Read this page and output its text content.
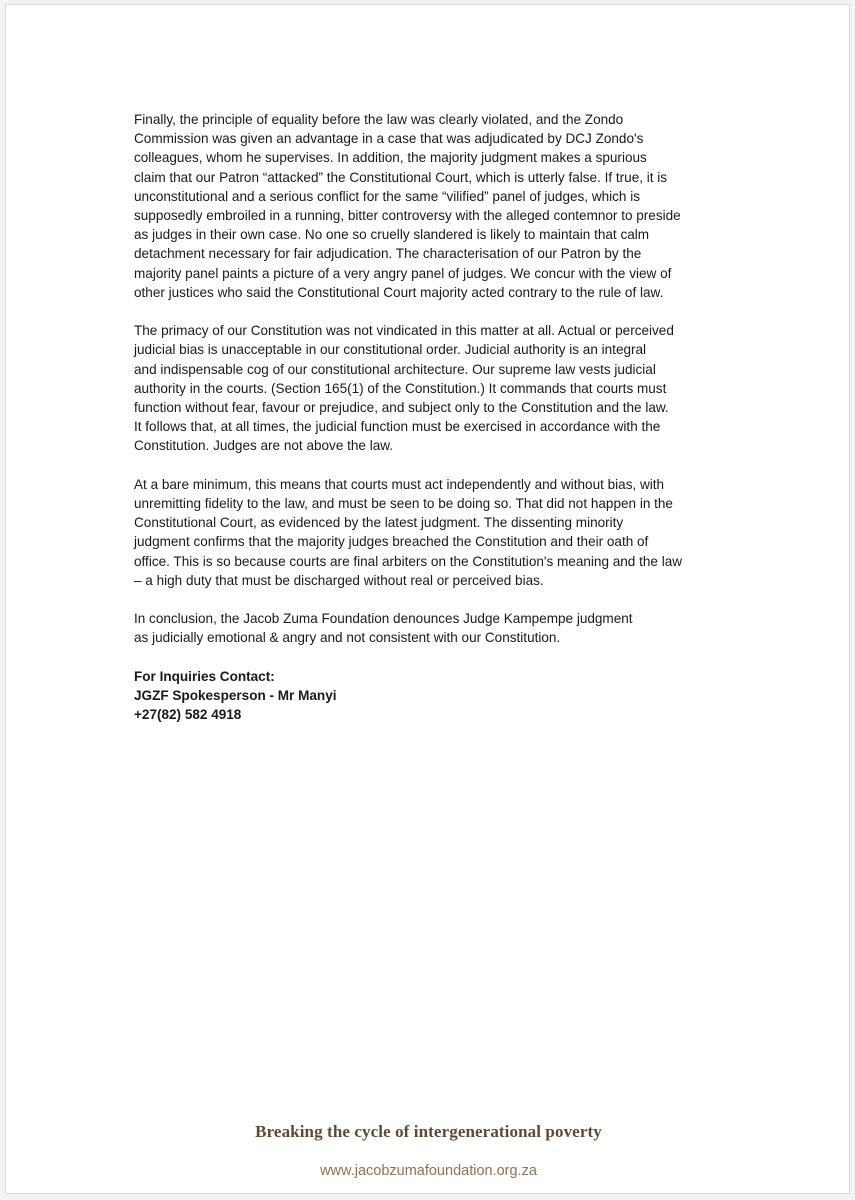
Finally, the principle of equality before the law was clearly violated, and the Zondo
Commission was given an advantage in a case that was adjudicated by DCJ Zondo's
colleagues, whom he supervises. In addition, the majority judgment makes a spurious
claim that our Patron “attacked” the Constitutional Court, which is utterly false. If true, it is
unconstitutional and a serious conflict for the same “vilified” panel of judges, which is
supposedly embroiled in a running, bitter controversy with the alleged contemnor to preside
as judges in their own case. No one so cruelly slandered is likely to maintain that calm
detachment necessary for fair adjudication. The characterisation of our Patron by the
majority panel paints a picture of a very angry panel of judges. We concur with the view of
other justices who said the Constitutional Court majority acted contrary to the rule of law.

The primacy of our Constitution was not vindicated in this matter at all. Actual or perceived
judicial bias is unacceptable in our constitutional order. Judicial authority is an integral
and indispensable cog of our constitutional architecture. Our supreme law vests judicial
authority in the courts. (Section 165(1) of the Constitution.) It commands that courts must
function without fear, favour or prejudice, and subject only to the Constitution and the law.
It follows that, at all times, the judicial function must be exercised in accordance with the
Constitution. Judges are not above the law.

At a bare minimum, this means that courts must act independently and without bias, with
unremitting fidelity to the law, and must be seen to be doing so. That did not happen in the
Constitutional Court, as evidenced by the latest judgment. The dissenting minority
judgment confirms that the majority judges breached the Constitution and their oath of
office. This is so because courts are final arbiters on the Constitution's meaning and the law
– a high duty that must be discharged without real or perceived bias.

In conclusion, the Jacob Zuma Foundation denounces Judge Kampempe judgment
as judicially emotional & angry and not consistent with our Constitution.

For Inquiries Contact:
JGZF Spokesperson - Mr Manyi
+27(82) 582 4918
Breaking the cycle of intergenerational poverty
www.jacobzumafoundation.org.za
